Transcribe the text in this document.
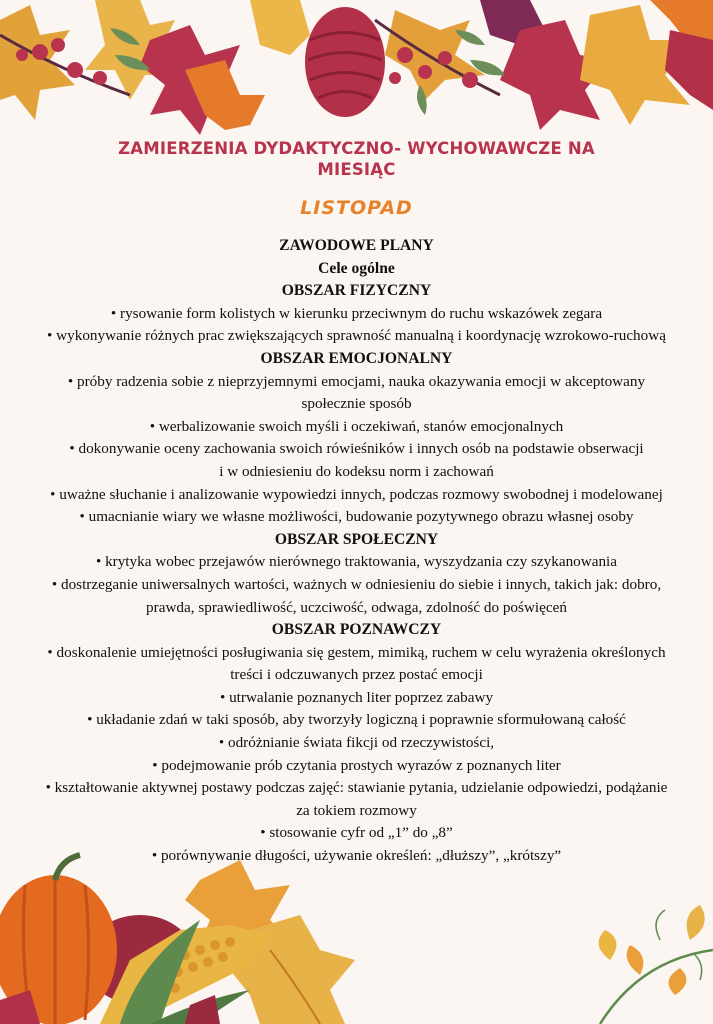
ZAMIERZENIA DYDAKTYCZNO- WYCHOWAWCZE NA
MIESIĄC
LISTOPAD
ZAWODOWE PLANY
Cele ogólne
OBSZAR FIZYCZNY
• rysowanie form kolistych w kierunku przeciwnym do ruchu wskazówek zegara
• wykonywanie różnych prac zwiększających sprawność manualną i koordynację wzrokowo-ruchową
OBSZAR EMOCJONALNY
• próby radzenia sobie z nieprzyjemnymi emocjami, nauka okazywania emocji w akceptowany
społecznie sposób
• werbalizowanie swoich myśli i oczekiwań, stanów emocjonalnych
• dokonywanie oceny zachowania swoich rówieśników i innych osób na podstawie obserwacji
i w odniesieniu do kodeksu norm i zachowań
• uważne słuchanie i analizowanie wypowiedzi innych, podczas rozmowy swobodnej i modelowanej
• umacnianie wiary we własne możliwości, budowanie pozytywnego obrazu własnej osoby
OBSZAR SPOŁECZNY
• krytyka wobec przejawów nierównego traktowania, wyszydzania czy szykanowania
• dostrzeganie uniwersalnych wartości, ważnych w odniesieniu do siebie i innych, takich jak: dobro,
prawda, sprawiedliwość, uczciwość, odwaga, zdolność do poświęceń
OBSZAR POZNAWCZY
• doskonalenie umiejętności posługiwania się gestem, mimiką, ruchem w celu wyrażenia określonych
treści i odczuwanych przez postać emocji
• utrwalanie poznanych liter poprzez zabawy
• układanie zdań w taki sposób, aby tworzyły logiczną i poprawnie sformułowaną całość
• odróżnianie świata fikcji od rzeczywistości,
• podejmowanie prób czytania prostych wyrazów z poznanych liter
• kształtowanie aktywnej postawy podczas zajęć: stawianie pytania, udzielanie odpowiedzi, podążanie
za tokiem rozmowy
• stosowanie cyfr od „1” do „8”
• porównywanie długości, używanie określeń: „dłuższy”, „krótszy”
